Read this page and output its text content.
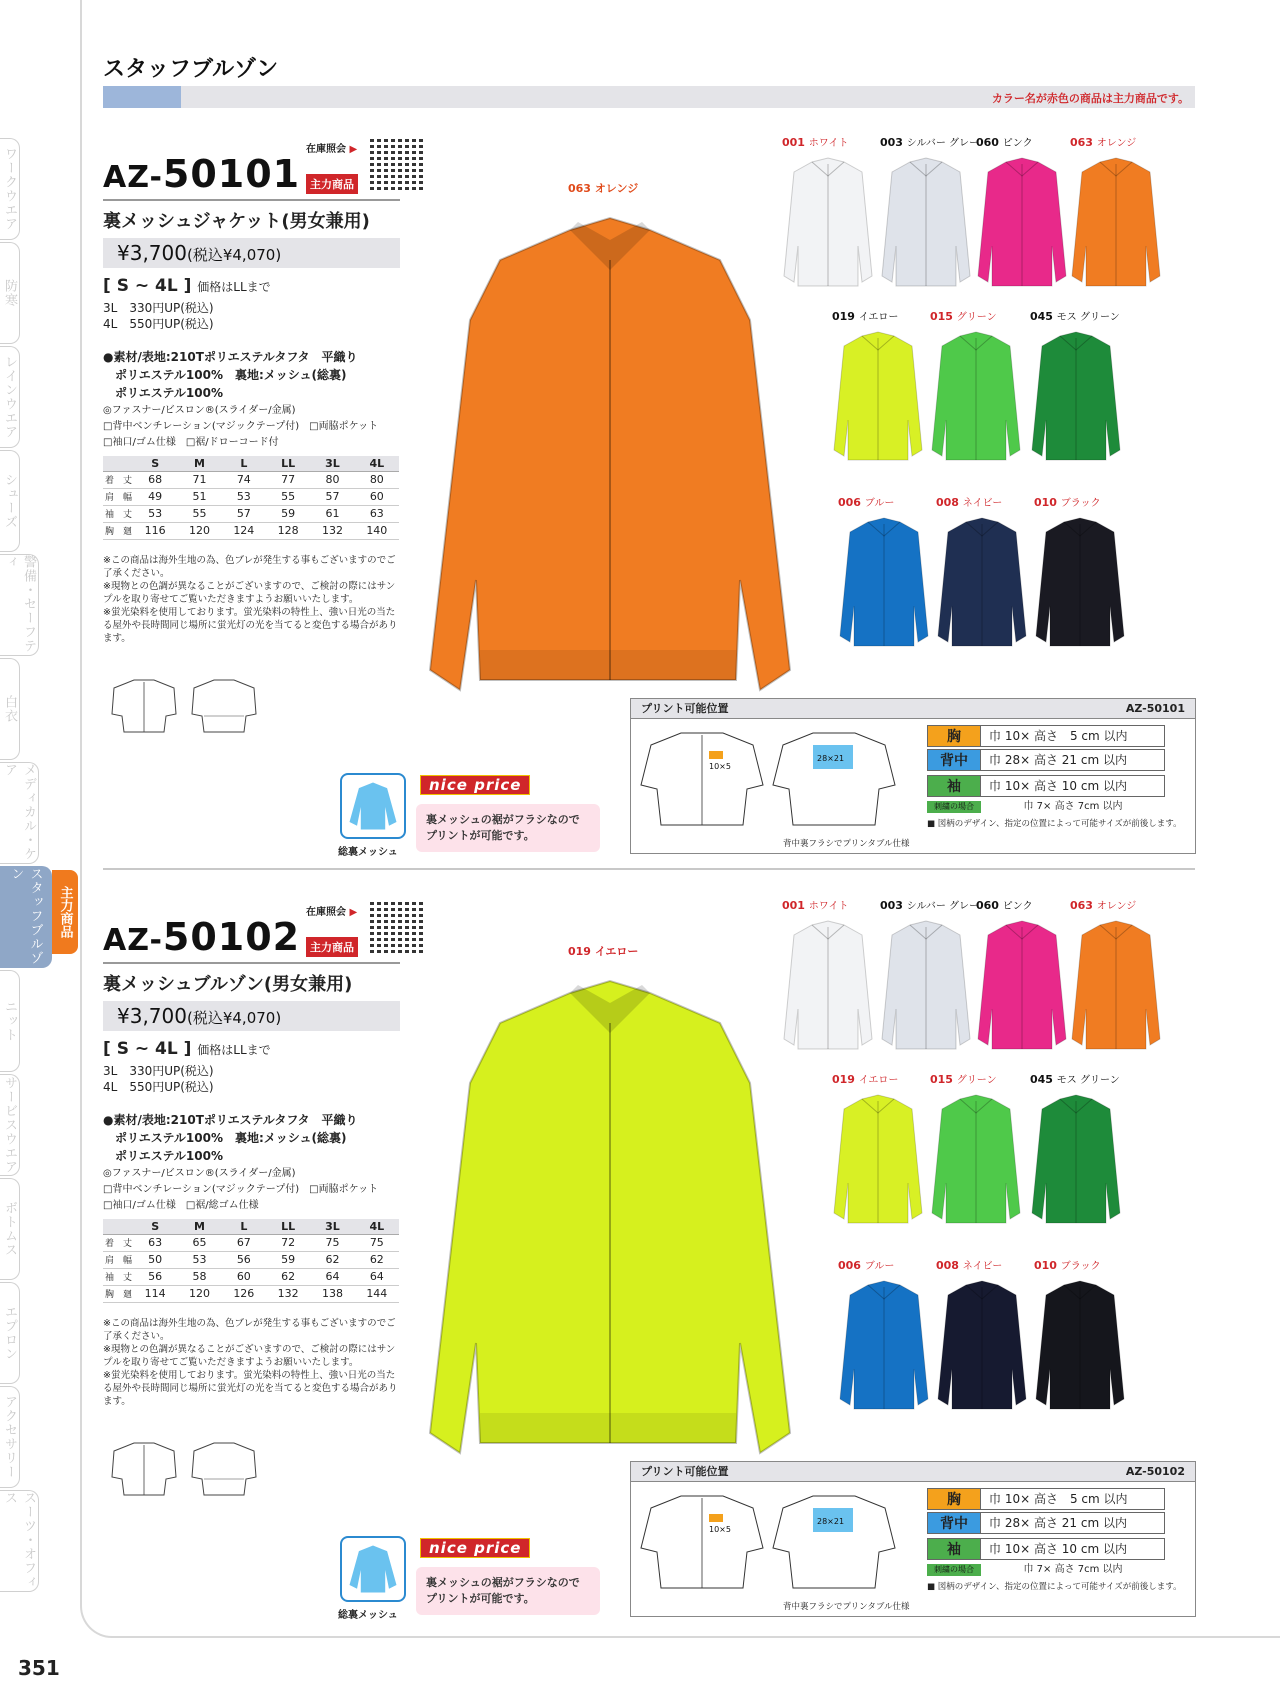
ワークウエア
防寒
レインウエア
シューズ
警備・セーフティ
白衣
メディカル・ケア
スタッフブルゾン
ニット
サービスウエア
ボトムス
エプロン
アクセサリー
スーツ・オフィス
主力商品
スタッフブルゾン
カラー名が赤色の商品は主力商品です。
在庫照会 ▶
AZ-50101 主力商品
裏メッシュジャケット(男女兼用)
¥3,700(税込¥4,070)
[ S ~ 4L ] 価格はLLまで
3L　330円UP(税込)
4L　550円UP(税込)
●素材/表地:210Tポリエステルタフタ　平織り
　ポリエステル100%　裏地:メッシュ(総裏)
　ポリエステル100%
◎ファスナー/ビスロン®(スライダー/金属)
□背中ベンチレーション(マジックテープ付)　□両脇ポケット
□袖口/ゴム仕様　□裾/ドローコード付
	S	M	L	LL	3L	4L
着　丈	68	71	74	77	80	80
肩　幅	49	51	53	55	57	60
袖　丈	53	55	57	59	61	63
胸　廻	116	120	124	128	132	140
※この商品は海外生地の為、色ブレが発生する事もございますのでご了承ください。
※現物との色調が異なることがございますので、ご検討の際にはサンプルを取り寄せてご覧いただきますようお願いいたします。
※蛍光染料を使用しております。蛍光染料の特性上、強い日光の当たる屋外や長時間同じ場所に蛍光灯の光を当てると変色する場合があります。
063 オレンジ
001 ホワイト	003 シルバー グレー
060 ピンク	063 オレンジ
019 イエロー	015 グリーン	045 モス グリーン
006 ブルー	008 ネイビー	010 ブラック
総裏メッシュ
nice price
裏メッシュの裾がフラシなので
プリントが可能です。
プリント可能位置	AZ-50101
10×5
28×21
胸	巾 10× 高さ　5 cm 以内
背中	巾 28× 高さ 21 cm 以内
袖	巾 10× 高さ 10 cm 以内
刺繍の場合	巾 7× 高さ 7cm 以内
■ 図柄のデザイン、指定の位置によって可能サイズが前後します。
背中裏フラシでプリンタブル仕様
在庫照会 ▶
AZ-50102 主力商品
裏メッシュブルゾン(男女兼用)
¥3,700(税込¥4,070)
[ S ~ 4L ] 価格はLLまで
3L　330円UP(税込)
4L　550円UP(税込)
●素材/表地:210Tポリエステルタフタ　平織り
　ポリエステル100%　裏地:メッシュ(総裏)
　ポリエステル100%
◎ファスナー/ビスロン®(スライダー/金属)
□背中ベンチレーション(マジックテープ付)　□両脇ポケット
□袖口/ゴム仕様　□裾/総ゴム仕様
	S	M	L	LL	3L	4L
着　丈	63	65	67	72	75	75
肩　幅	50	53	56	59	62	62
袖　丈	56	58	60	62	64	64
胸　廻	114	120	126	132	138	144
※この商品は海外生地の為、色ブレが発生する事もございますのでご了承ください。
※現物との色調が異なることがございますので、ご検討の際にはサンプルを取り寄せてご覧いただきますようお願いいたします。
※蛍光染料を使用しております。蛍光染料の特性上、強い日光の当たる屋外や長時間同じ場所に蛍光灯の光を当てると変色する場合があります。
019 イエロー
001 ホワイト	003 シルバー グレー
060 ピンク	063 オレンジ
019 イエロー	015 グリーン	045 モス グリーン
006 ブルー	008 ネイビー	010 ブラック
総裏メッシュ
nice price
裏メッシュの裾がフラシなので
プリントが可能です。
プリント可能位置	AZ-50102
10×5
28×21
胸	巾 10× 高さ　5 cm 以内
背中	巾 28× 高さ 21 cm 以内
袖	巾 10× 高さ 10 cm 以内
刺繍の場合	巾 7× 高さ 7cm 以内
■ 図柄のデザイン、指定の位置によって可能サイズが前後します。
背中裏フラシでプリンタブル仕様
351
